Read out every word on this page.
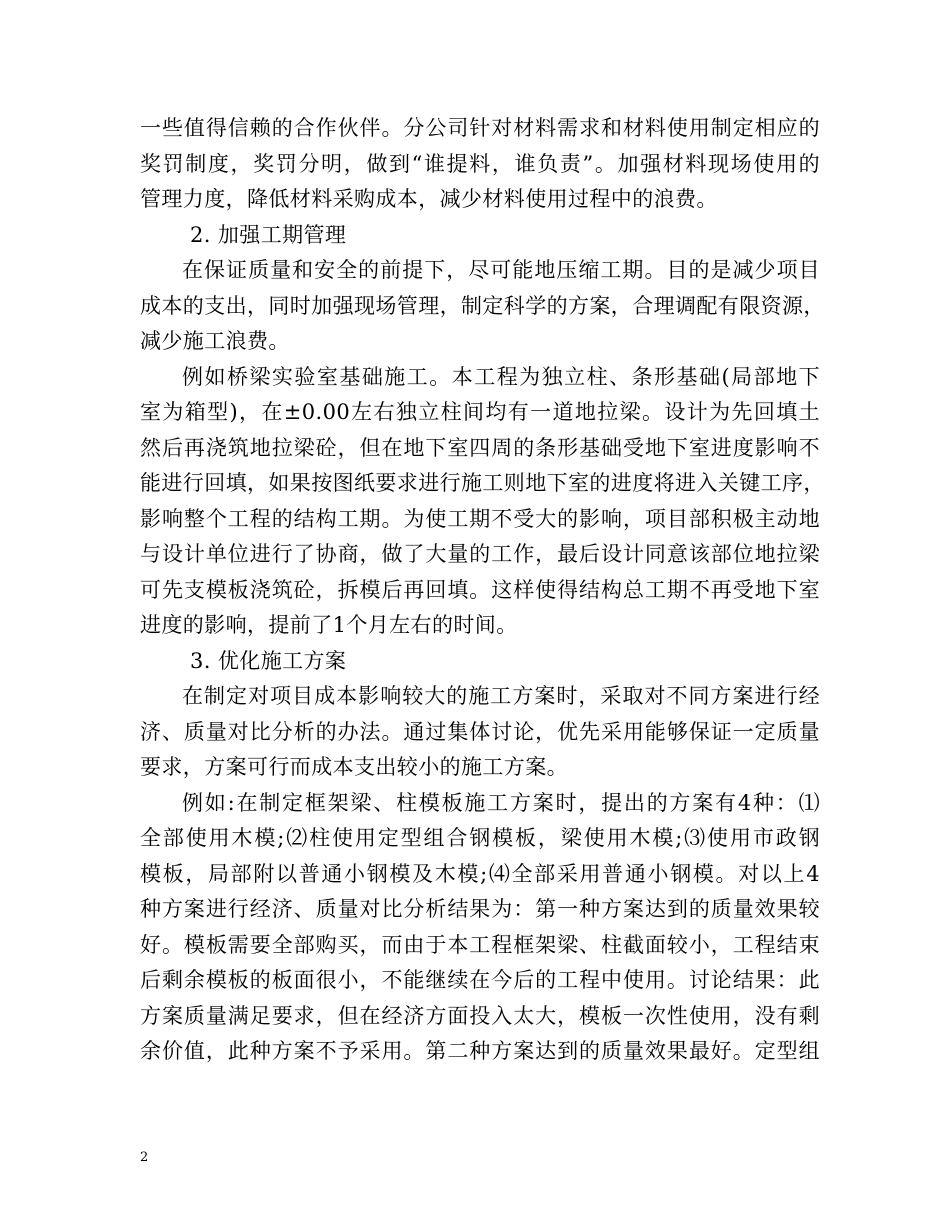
一些值得信赖的合作伙伴。分公司针对材料需求和材料使用制定相应的
奖罚制度，奖罚分明，做到“谁提料，谁负责”。加强材料现场使用的
管理力度，降低材料采购成本，减少材料使用过程中的浪费。
2. 加强工期管理
在保证质量和安全的前提下，尽可能地压缩工期。目的是减少项目
成本的支出，同时加强现场管理，制定科学的方案，合理调配有限资源，
减少施工浪费。
例如桥梁实验室基础施工。本工程为独立柱、条形基础(局部地下
室为箱型)，在±0.00左右独立柱间均有一道地拉梁。设计为先回填土
然后再浇筑地拉梁砼，但在地下室四周的条形基础受地下室进度影响不
能进行回填，如果按图纸要求进行施工则地下室的进度将进入关键工序，
影响整个工程的结构工期。为使工期不受大的影响，项目部积极主动地
与设计单位进行了协商，做了大量的工作，最后设计同意该部位地拉梁
可先支模板浇筑砼，拆模后再回填。这样使得结构总工期不再受地下室
进度的影响，提前了1个月左右的时间。
3. 优化施工方案
在制定对项目成本影响较大的施工方案时，采取对不同方案进行经
济、质量对比分析的办法。通过集体讨论，优先采用能够保证一定质量
要求，方案可行而成本支出较小的施工方案。
例如:在制定框架梁、柱模板施工方案时，提出的方案有4种：⑴
全部使用木模;⑵柱使用定型组合钢模板，梁使用木模;⑶使用市政钢
模板，局部附以普通小钢模及木模;⑷全部采用普通小钢模。对以上4
种方案进行经济、质量对比分析结果为：第一种方案达到的质量效果较
好。模板需要全部购买，而由于本工程框架梁、柱截面较小，工程结束
后剩余模板的板面很小，不能继续在今后的工程中使用。讨论结果：此
方案质量满足要求，但在经济方面投入太大，模板一次性使用，没有剩
余价值，此种方案不予采用。第二种方案达到的质量效果最好。定型组
2
